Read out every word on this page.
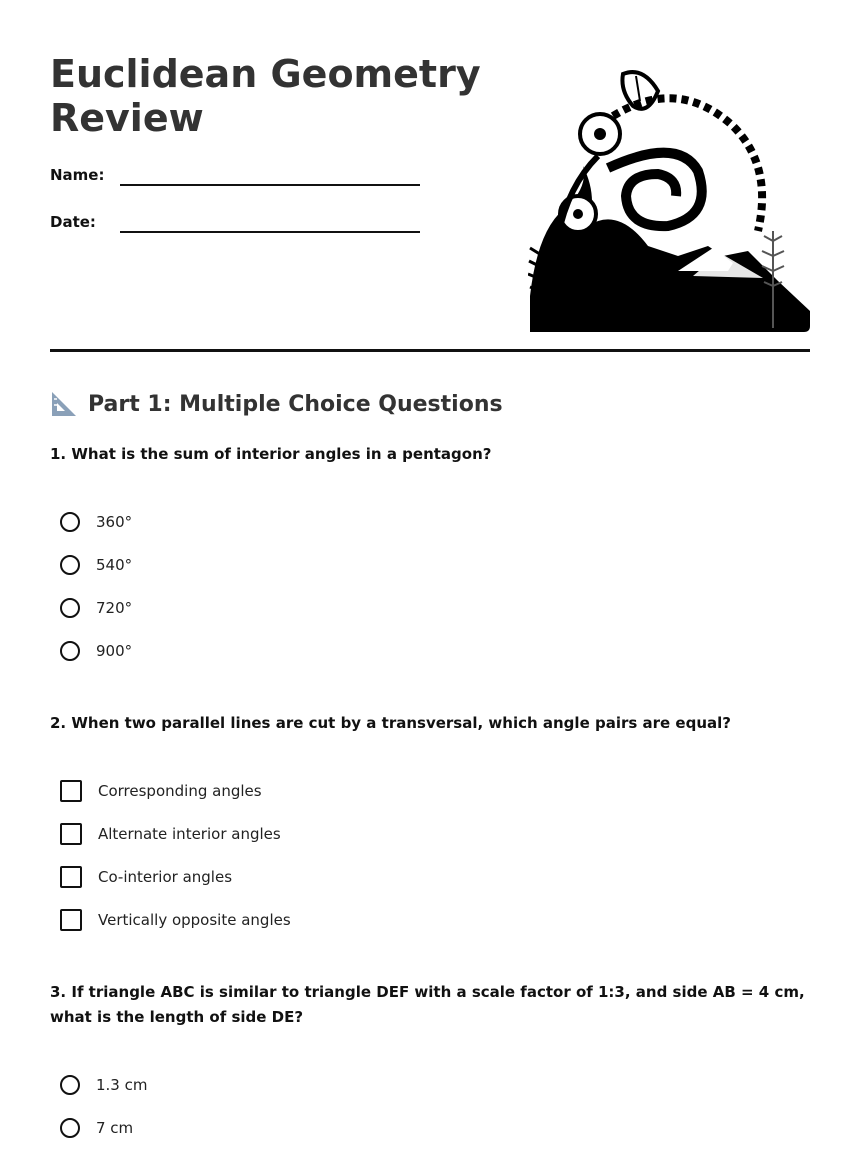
Euclidean Geometry Review
Name:
Date:
Part 1: Multiple Choice Questions
1. What is the sum of interior angles in a pentagon?
360°
540°
720°
900°
2. When two parallel lines are cut by a transversal, which angle pairs are equal?
Corresponding angles
Alternate interior angles
Co-interior angles
Vertically opposite angles
3. If triangle ABC is similar to triangle DEF with a scale factor of 1:3, and side AB = 4 cm, what is the length of side DE?
1.3 cm
7 cm
